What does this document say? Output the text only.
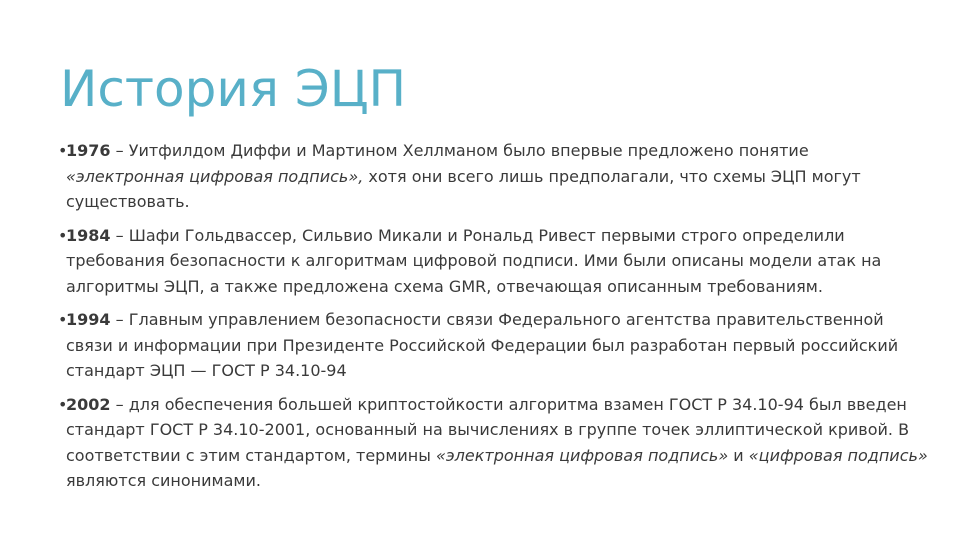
История ЭЦП
•
1976 – Уитфилдом Диффи и Мартином Хеллманом было впервые предложено понятие «электронная цифровая подпись», хотя они всего лишь предполагали, что схемы ЭЦП могут существовать.
•
1984 – Шафи Гольдвассер, Сильвио Микали и Рональд Ривест первыми строго определили требования безопасности к алгоритмам цифровой подписи. Ими были описаны модели атак на алгоритмы ЭЦП, а также предложена схема GMR, отвечающая описанным требованиям.
•
1994 – Главным управлением безопасности связи Федерального агентства правительственной связи и информации при Президенте Российской Федерации был разработан первый российский стандарт ЭЦП — ГОСТ Р 34.10-94
•
2002 – для обеспечения большей криптостойкости алгоритма взамен ГОСТ Р 34.10-94 был введен стандарт ГОСТ Р 34.10-2001, основанный на вычислениях в группе точек эллиптической кривой. В соответствии с этим стандартом, термины «электронная цифровая подпись» и «цифровая подпись» являются синонимами.
